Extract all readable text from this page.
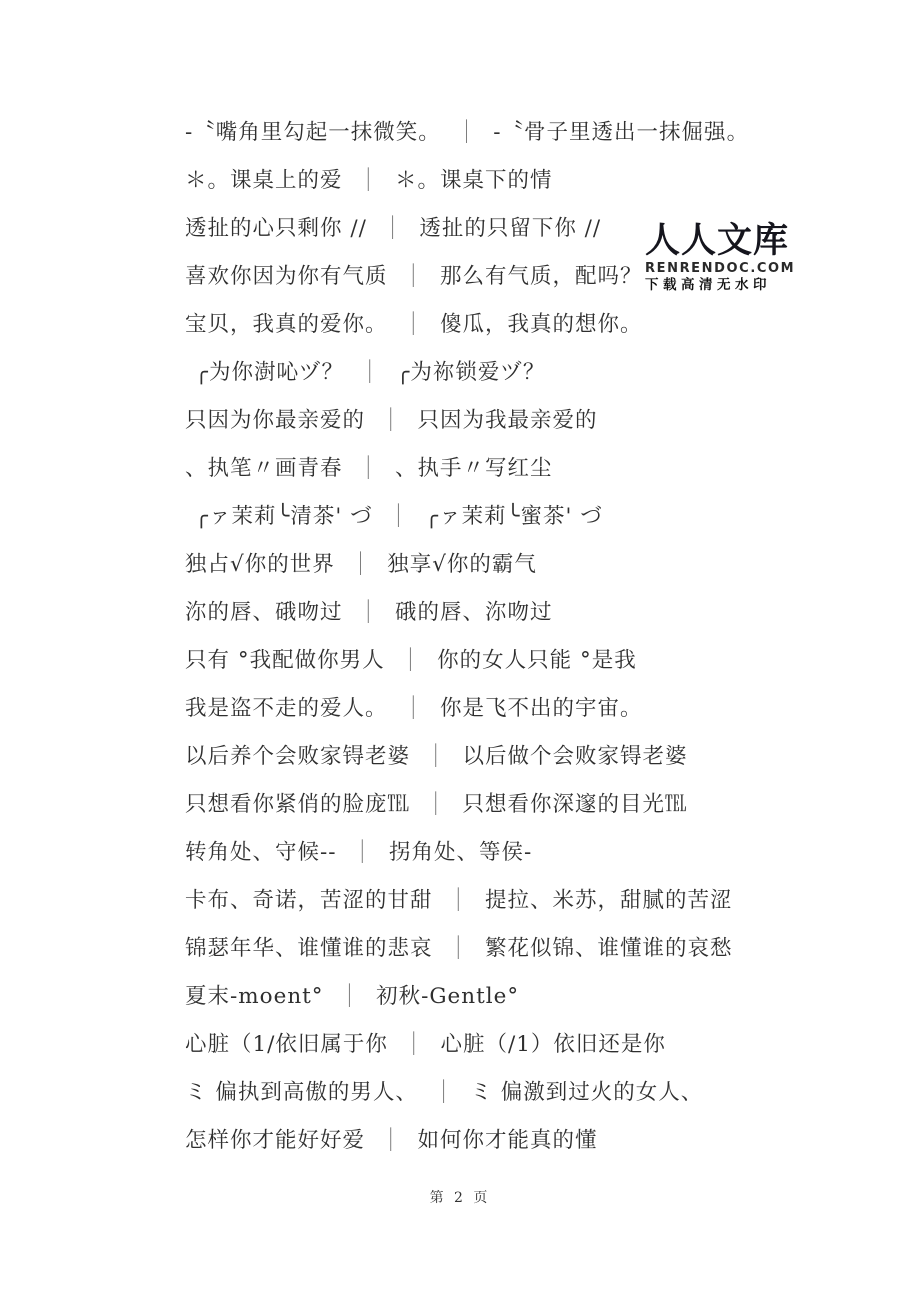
人人文库
RENRENDOC.COM
下载高清无水印
-〝嘴角里勾起一抹微笑。 ｜ -〝骨子里透出一抹倔强。
＊。课桌上的爱 ｜ ＊。课桌下的情
透扯的心只剩你 // ｜ 透扯的只留下你 //
喜欢你因为你有气质 ｜ 那么有气质，配吗？
宝贝，我真的爱你。 ｜ 傻瓜，我真的想你。
╭为你澍吣ヅ？ ｜ ╭为祢锁爱ヅ？
只因为你最亲爱的 ｜ 只因为我最亲爱的
、执笔〃画青春 ｜ 、执手〃写红尘
╭ァ茉莉╰清茶' づ ｜ ╭ァ茉莉╰蜜茶' づ
独占√你的世界 ｜ 独享√你的霸气
沵的唇、硪吻过 ｜ 硪的唇、沵吻过
只有 °我配做你男人 ｜ 你的女人只能 °是我
我是盗不走的爱人。 ｜ 你是飞不出的宇宙。
以后养个会败家锝老婆 ｜ 以后做个会败家锝老婆
只想看你紧俏的脸庞℡ ｜ 只想看你深邃的目光℡
转角处、守候-- ｜ 拐角处、等侯-
卡布、奇诺，苦涩的甘甜 ｜ 提拉、米苏，甜腻的苦涩
锦瑟年华、谁懂谁的悲哀 ｜ 繁花似锦、谁懂谁的哀愁
夏末-moent° ｜ 初秋-Gentle°
心脏（1/依旧属于你 ｜ 心脏（/1）依旧还是你
ミ 偏执到高傲的男人、 ｜ ミ 偏激到过火的女人、
怎样你才能好好爱 ｜ 如何你才能真的懂
第 2 页
